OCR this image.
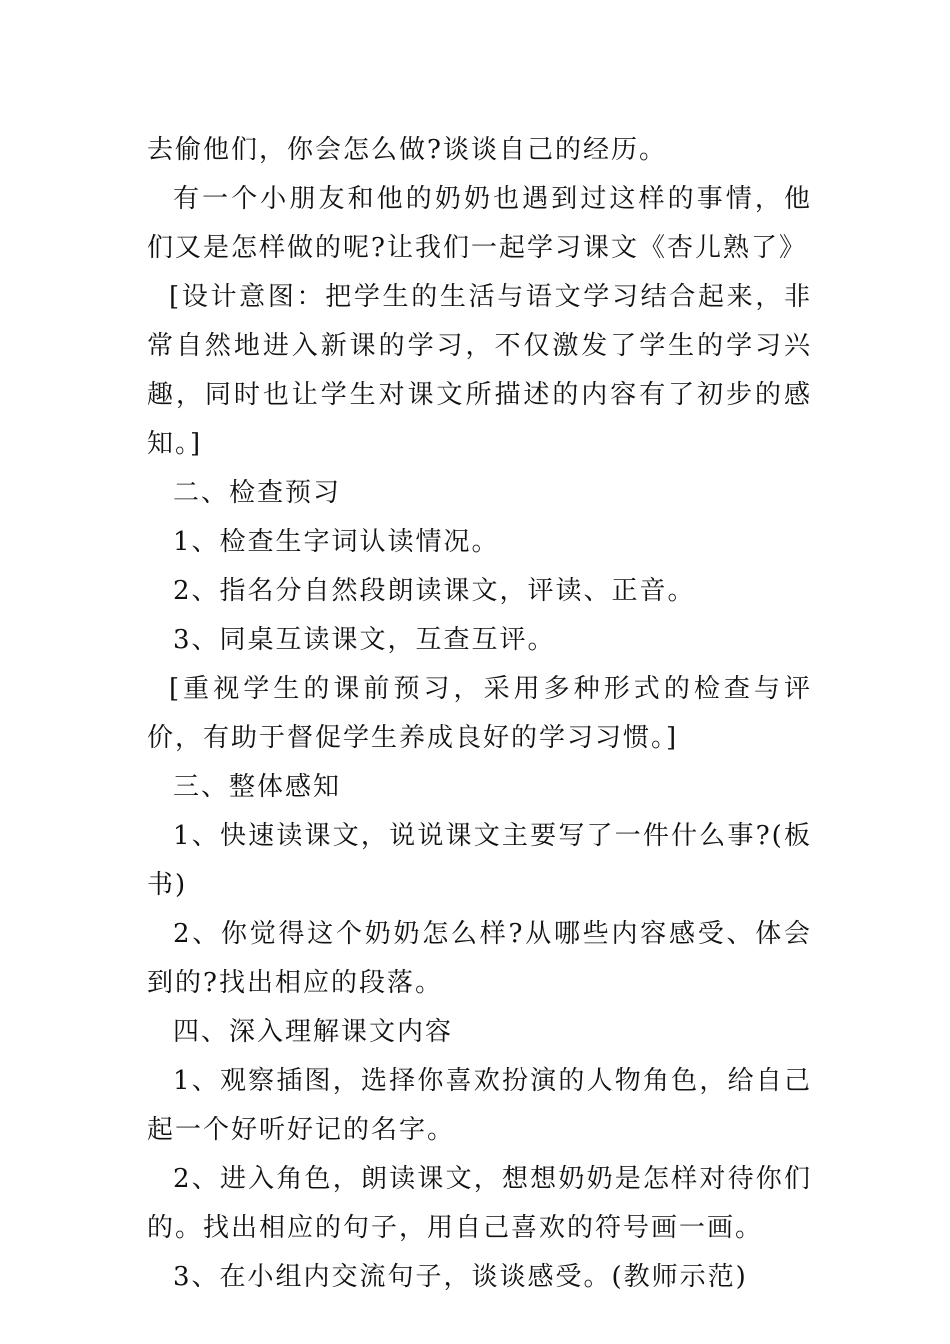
去偷他们，你会怎么做?谈谈自己的经历。

有一个小朋友和他的奶奶也遇到过这样的事情，他们又是怎样做的呢?让我们一起学习课文《杏儿熟了》

[设计意图：把学生的生活与语文学习结合起来，非常自然地进入新课的学习，不仅激发了学生的学习兴趣，同时也让学生对课文所描述的内容有了初步的感知。]

二、检查预习

1、检查生字词认读情况。

2、指名分自然段朗读课文，评读、正音。

3、同桌互读课文，互查互评。

[重视学生的课前预习，采用多种形式的检查与评价，有助于督促学生养成良好的学习习惯。]

三、整体感知

1、快速读课文，说说课文主要写了一件什么事?(板书)

2、你觉得这个奶奶怎么样?从哪些内容感受、体会到的?找出相应的段落。

四、深入理解课文内容

1、观察插图，选择你喜欢扮演的人物角色，给自己起一个好听好记的名字。

2、进入角色，朗读课文，想想奶奶是怎样对待你们的。找出相应的句子，用自己喜欢的符号画一画。

3、在小组内交流句子，谈谈感受。(教师示范)
